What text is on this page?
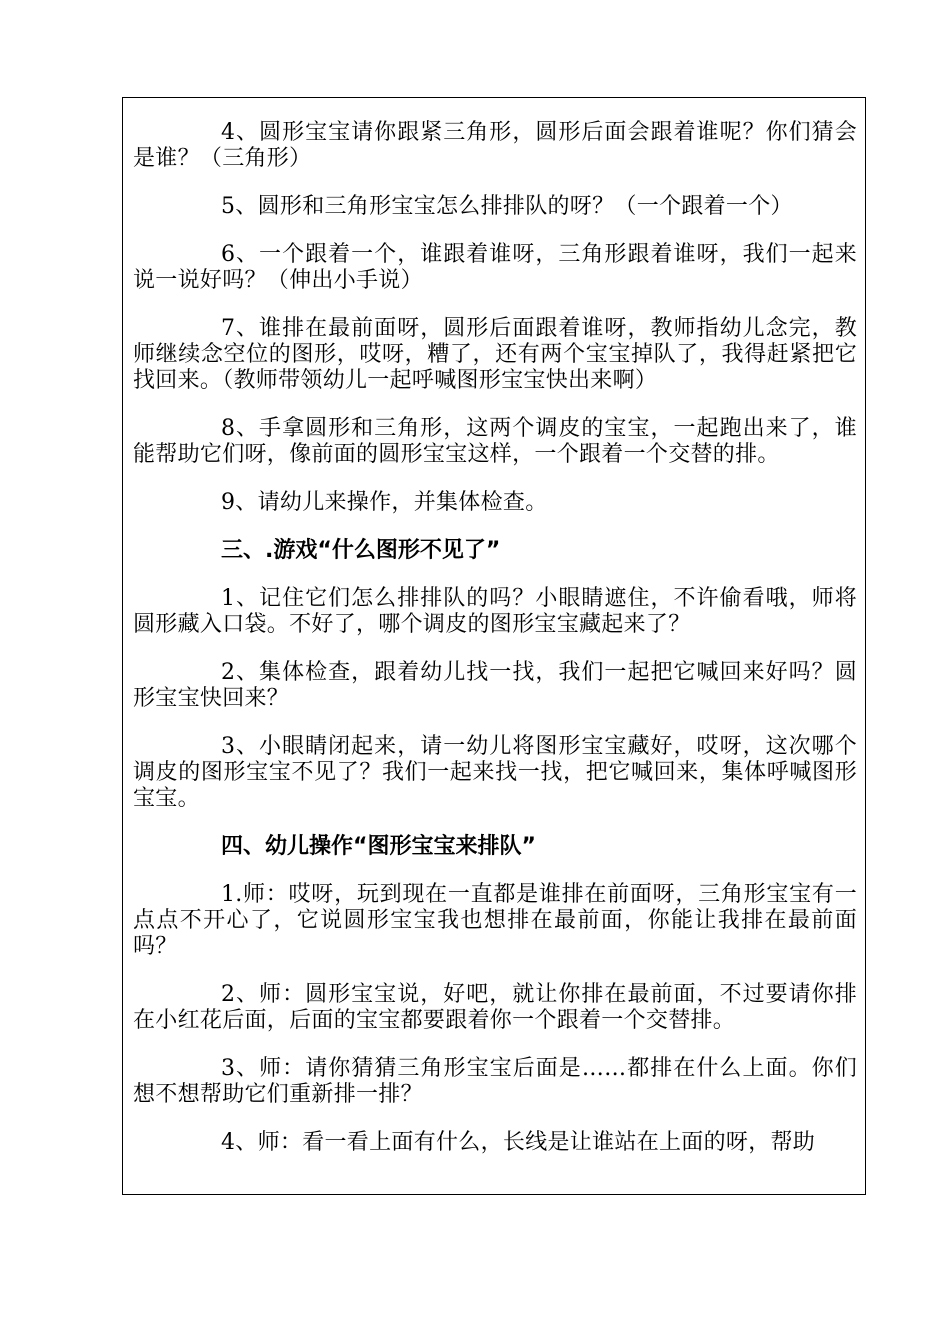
4、圆形宝宝请你跟紧三角形，圆形后面会跟着谁呢？你们猜会是谁？（三角形）

5、圆形和三角形宝宝怎么排排队的呀？（一个跟着一个）

6、一个跟着一个，谁跟着谁呀，三角形跟着谁呀，我们一起来说一说好吗？（伸出小手说）

7、谁排在最前面呀，圆形后面跟着谁呀，教师指幼儿念完，教师继续念空位的图形，哎呀，糟了，还有两个宝宝掉队了，我得赶紧把它找回来。（教师带领幼儿一起呼喊图形宝宝快出来啊）

8、手拿圆形和三角形，这两个调皮的宝宝，一起跑出来了，谁能帮助它们呀，像前面的圆形宝宝这样，一个跟着一个交替的排。

9、请幼儿来操作，并集体检查。

三、.游戏“什么图形不见了”

1、记住它们怎么排排队的吗？小眼睛遮住，不许偷看哦，师将圆形藏入口袋。不好了，哪个调皮的图形宝宝藏起来了？

2、集体检查，跟着幼儿找一找，我们一起把它喊回来好吗？圆形宝宝快回来？

3、小眼睛闭起来，请一幼儿将图形宝宝藏好，哎呀，这次哪个调皮的图形宝宝不见了？我们一起来找一找，把它喊回来，集体呼喊图形宝宝。

四、幼儿操作“图形宝宝来排队”

1.师：哎呀，玩到现在一直都是谁排在前面呀，三角形宝宝有一点点不开心了，它说圆形宝宝我也想排在最前面，你能让我排在最前面吗？

2、师：圆形宝宝说，好吧，就让你排在最前面，不过要请你排在小红花后面，后面的宝宝都要跟着你一个跟着一个交替排。

3、师：请你猜猜三角形宝宝后面是……都排在什么上面。你们想不想帮助它们重新排一排？

4、师：看一看上面有什么，长线是让谁站在上面的呀，帮助
